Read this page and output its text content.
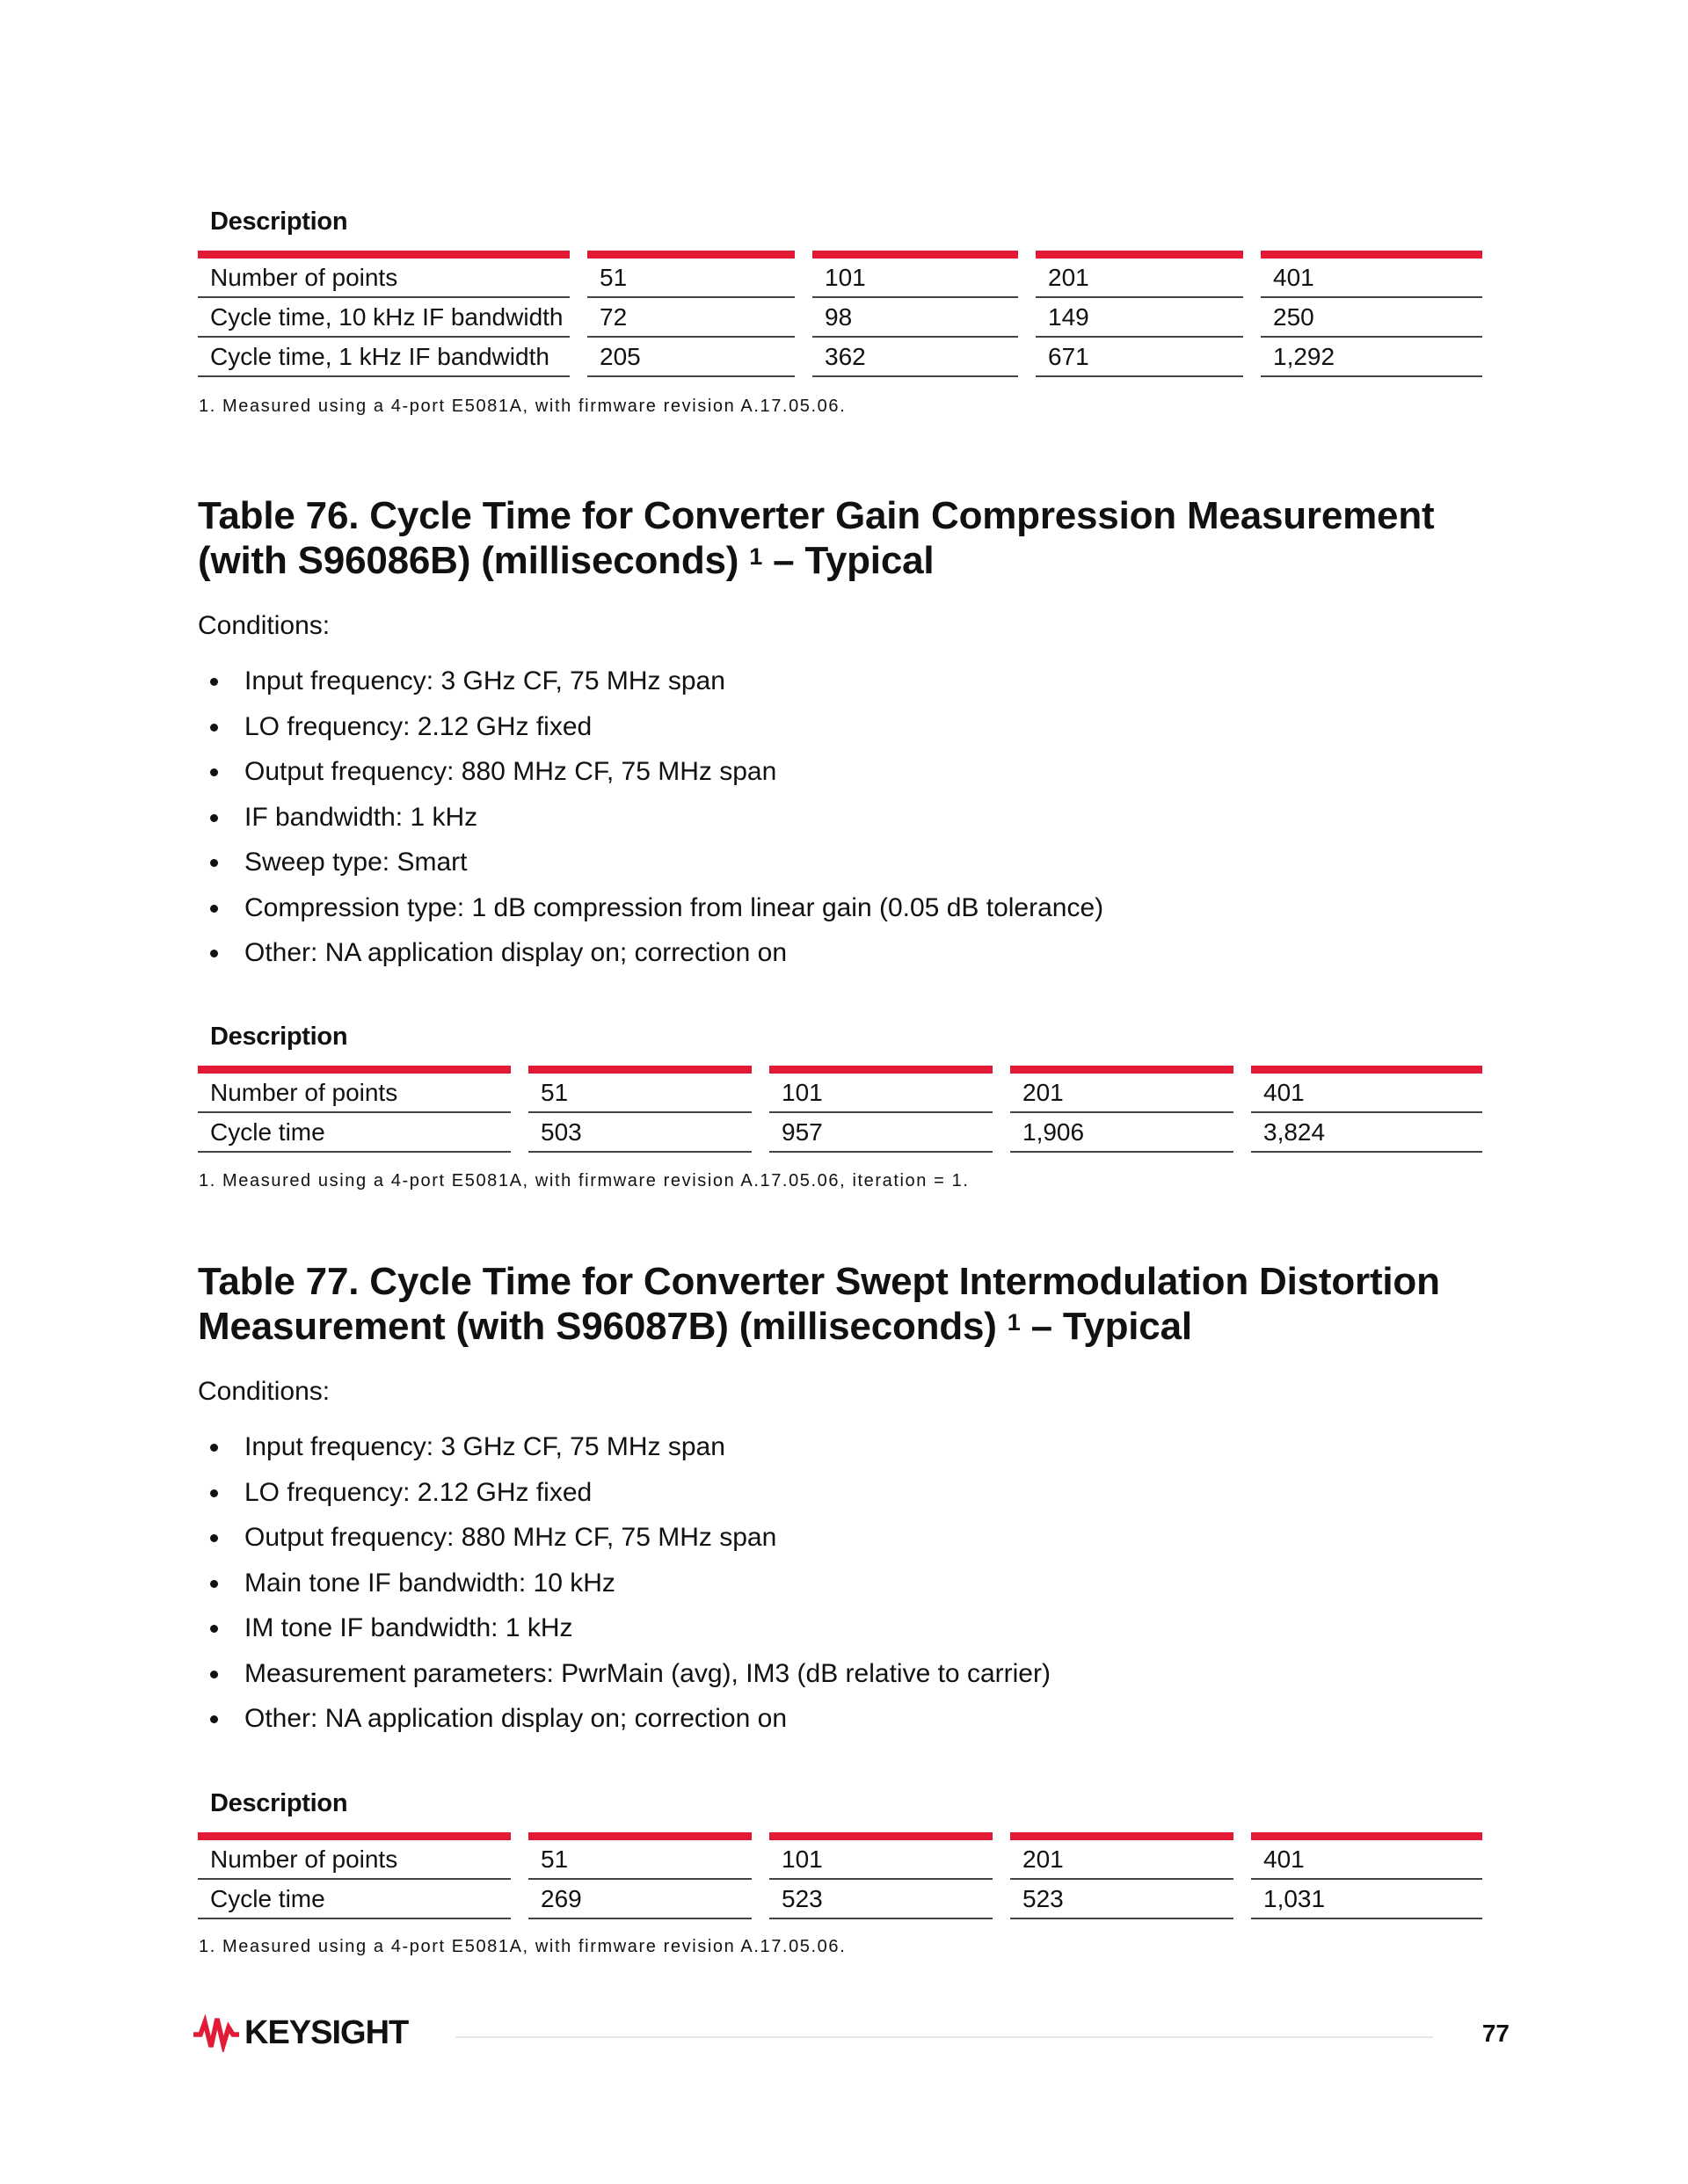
Description
Number of points		51		101		201		401
Cycle time, 10 kHz IF bandwidth		72		98		149		250
Cycle time, 1 kHz IF bandwidth		205		362		671		1,292
1. Measured using a 4-port E5081A, with firmware revision A.17.05.06.
Table 76. Cycle Time for Converter Gain Compression Measurement
(with S96086B) (milliseconds) $^1$ – Typical
Conditions:
Input frequency: 3 GHz CF, 75 MHz span
LO frequency: 2.12 GHz fixed
Output frequency: 880 MHz CF, 75 MHz span
IF bandwidth: 1 kHz
Sweep type: Smart
Compression type: 1 dB compression from linear gain (0.05 dB tolerance)
Other: NA application display on; correction on
Description
Number of points		51		101		201		401
Cycle time		503		957		1,906		3,824
1. Measured using a 4-port E5081A, with firmware revision A.17.05.06, iteration = 1.
Table 77. Cycle Time for Converter Swept Intermodulation Distortion
Measurement (with S96087B) (milliseconds) $^1$ – Typical
Conditions:
Input frequency: 3 GHz CF, 75 MHz span
LO frequency: 2.12 GHz fixed
Output frequency: 880 MHz CF, 75 MHz span
Main tone IF bandwidth: 10 kHz
IM tone IF bandwidth: 1 kHz
Measurement parameters: PwrMain (avg), IM3 (dB relative to carrier)
Other: NA application display on; correction on
Description
Number of points		51		101		201		401
Cycle time		269		523		523		1,031
1. Measured using a 4-port E5081A, with firmware revision A.17.05.06.
KEYSIGHT	77
